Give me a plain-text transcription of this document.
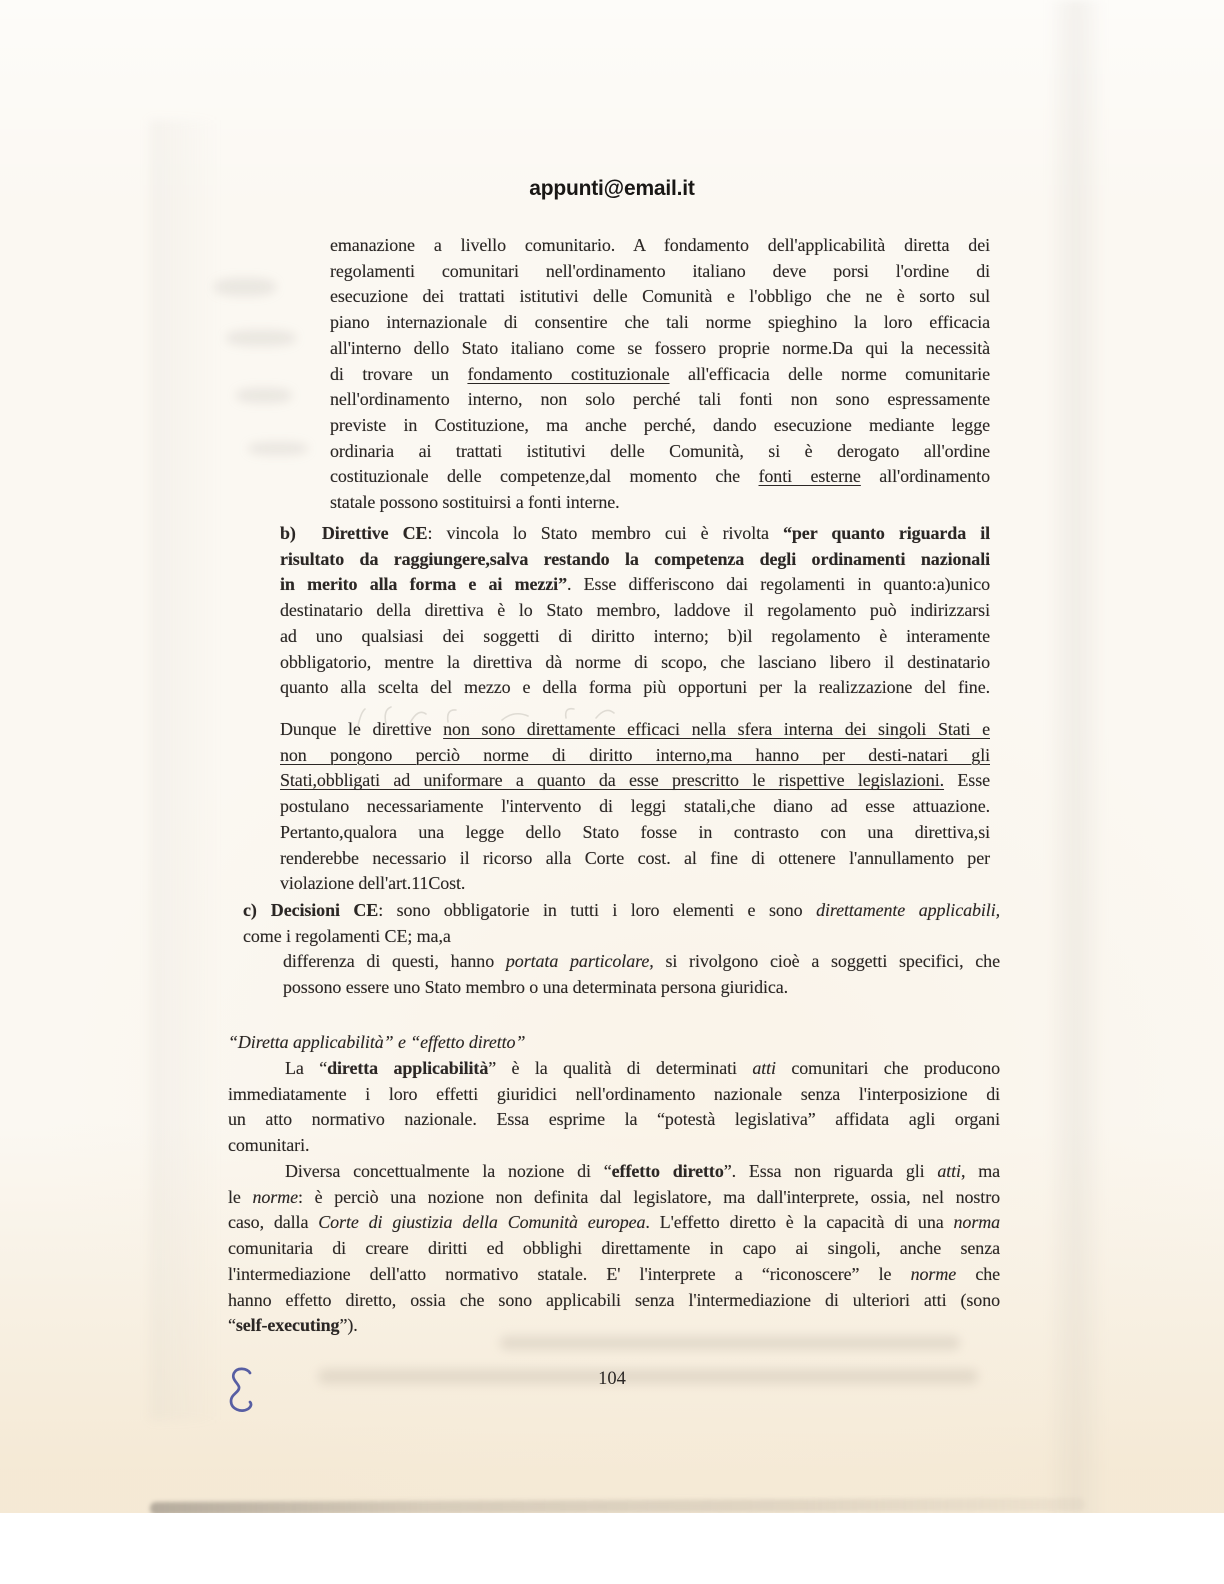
appunti@email.it
emanazione a livello comunitario. A fondamento dell'applicabilità diretta dei
regolamenti comunitari nell'ordinamento italiano deve porsi l'ordine di
esecuzione dei trattati istitutivi delle Comunità e l'obbligo che ne è sorto sul
piano internazionale di consentire che tali norme spieghino la loro efficacia
all'interno dello Stato italiano come se fossero proprie norme.Da qui la necessità
di trovare un fondamento costituzionale all'efficacia delle norme comunitarie
nell'ordinamento interno, non solo perché tali fonti non sono espressamente
previste in Costituzione, ma anche perché, dando esecuzione mediante legge
ordinaria ai trattati istitutivi delle Comunità, si è derogato all'ordine
costituzionale delle competenze,dal momento che fonti esterne all'ordinamento
statale possono sostituirsi a fonti interne.
b) Direttive CE: vincola lo Stato membro cui è rivolta “per quanto riguarda il
risultato da raggiungere,salva restando la competenza degli ordinamenti nazionali
in merito alla forma e ai mezzi”. Esse differiscono dai regolamenti in quanto:a)unico
destinatario della direttiva è lo Stato membro, laddove il regolamento può indirizzarsi
ad uno qualsiasi dei soggetti di diritto interno; b)il regolamento è interamente
obbligatorio, mentre la direttiva dà norme di scopo, che lasciano libero il destinatario
quanto alla scelta del mezzo e della forma più opportuni per la realizzazione del fine.
Dunque le direttive non sono direttamente efficaci nella sfera interna dei singoli Stati e
non pongono perciò norme di diritto interno,ma hanno per desti-natari gli
Stati,obbligati ad uniformare a quanto da esse prescritto le rispettive legislazioni. Esse
postulano necessariamente l'intervento di leggi statali,che diano ad esse attuazione.
Pertanto,qualora una legge dello Stato fosse in contrasto con una direttiva,si
renderebbe necessario il ricorso alla Corte cost. al fine di ottenere l'annullamento per
violazione dell'art.11Cost.
c) Decisioni CE: sono obbligatorie in tutti i loro elementi e sono direttamente applicabili,
come i regolamenti CE; ma,a
differenza di questi, hanno portata particolare, si rivolgono cioè a soggetti specifici, che
possono essere uno Stato membro o una determinata persona giuridica.
“Diretta applicabilità” e “effetto diretto”
La “diretta applicabilità” è la qualità di determinati atti comunitari che producono
immediatamente i loro effetti giuridici nell'ordinamento nazionale senza l'interposizione di
un atto normativo nazionale. Essa esprime la “potestà legislativa” affidata agli organi
comunitari.
Diversa concettualmente la nozione di “effetto diretto”. Essa non riguarda gli atti, ma
le norme: è perciò una nozione non definita dal legislatore, ma dall'interprete, ossia, nel nostro
caso, dalla Corte di giustizia della Comunità europea. L'effetto diretto è la capacità di una norma
comunitaria di creare diritti ed obblighi direttamente in capo ai singoli, anche senza
l'intermediazione dell'atto normativo statale. E' l'interprete a “riconoscere” le norme che
hanno effetto diretto, ossia che sono applicabili senza l'intermediazione di ulteriori atti (sono
“self-executing”).
104
